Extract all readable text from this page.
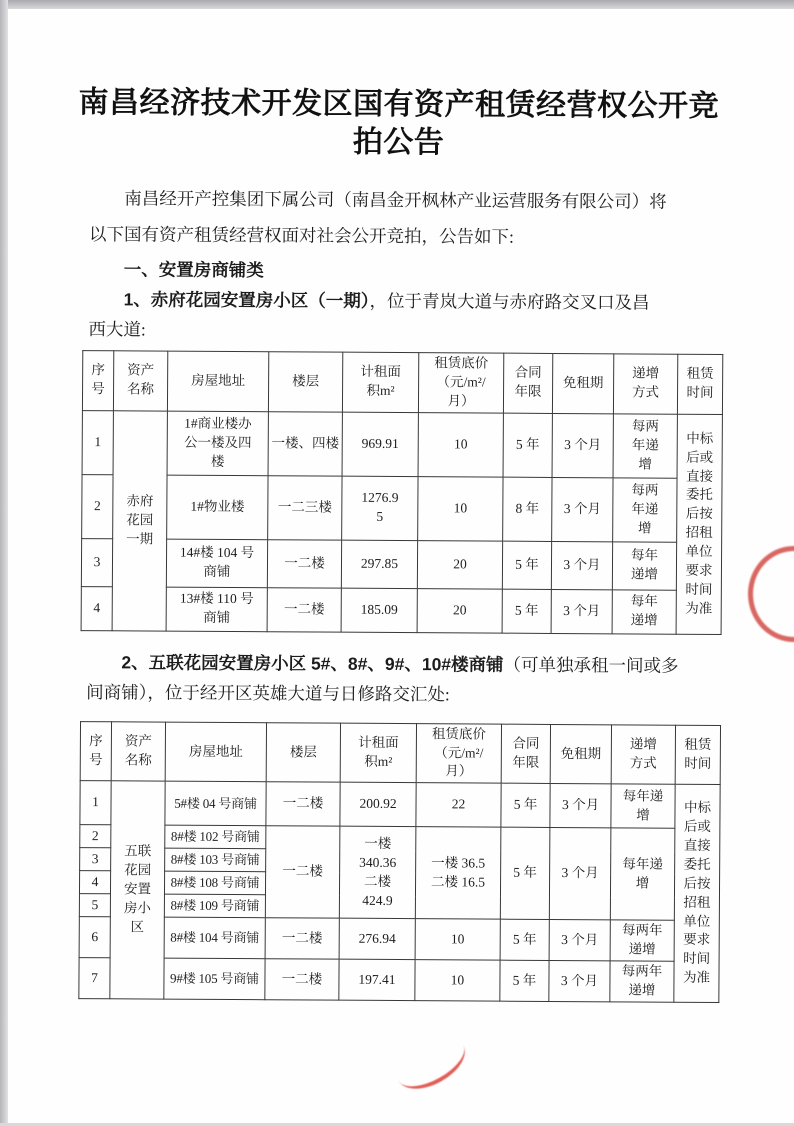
南昌经济技术开发区国有资产租赁经营权公开竞
拍公告

南昌经开产控集团下属公司（南昌金开枫林产业运营服务有限公司）将
以下国有资产租赁经营权面对社会公开竞拍，公告如下:

一、安置房商铺类

1、赤府花园安置房小区（一期），位于青岚大道与赤府路交叉口及昌
西大道:

序
号	资产
名称	房屋地址	楼层	计租面
积m²	租赁底价
（元/m²/
月）	合同
年限	免租期	递增
方式	租赁
时间
1	赤府
花园
一期	1#商业楼办
公一楼及四
楼	一楼、四楼	969.91	10	5 年	3 个月	每两
年递
增	中标
后或
直接
委托
后按
招租
单位
要求
时间
为准
2		1#物业楼	一二三楼	1276.9
5	10	8 年	3 个月	每两
年递
增	
3		14#楼 104 号
商铺	一二楼	297.85	20	5 年	3 个月	每年
递增	
4		13#楼 110 号
商铺	一二楼	185.09	20	5 年	3 个月	每年
递增	

2、五联花园安置房小区 5#、8#、9#、10#楼商铺（可单独承租一间或多
间商铺），位于经开区英雄大道与日修路交汇处:

序
号	资产
名称	房屋地址	楼层	计租面
积m²	租赁底价
（元/m²/
月）	合同
年限	免租期	递增
方式	租赁
时间
1	五联
花园
安置
房小
区	5#楼 04 号商铺	一二楼	200.92	22	5 年	3 个月	每年递
增	中标
后或
直接
委托
后按
招租
单位
要求
时间
为准
2		8#楼 102 号商铺	一二楼	一楼
340.36
二楼
424.9	一楼 36.5
二楼 16.5	5 年	3 个月	每年递
增	
3		8#楼 103 号商铺							
4		8#楼 108 号商铺							
5		8#楼 109 号商铺							
6		8#楼 104 号商铺	一二楼	276.94	10	5 年	3 个月	每两年
递增	
7		9#楼 105 号商铺	一二楼	197.41	10	5 年	3 个月	每两年
递增	
